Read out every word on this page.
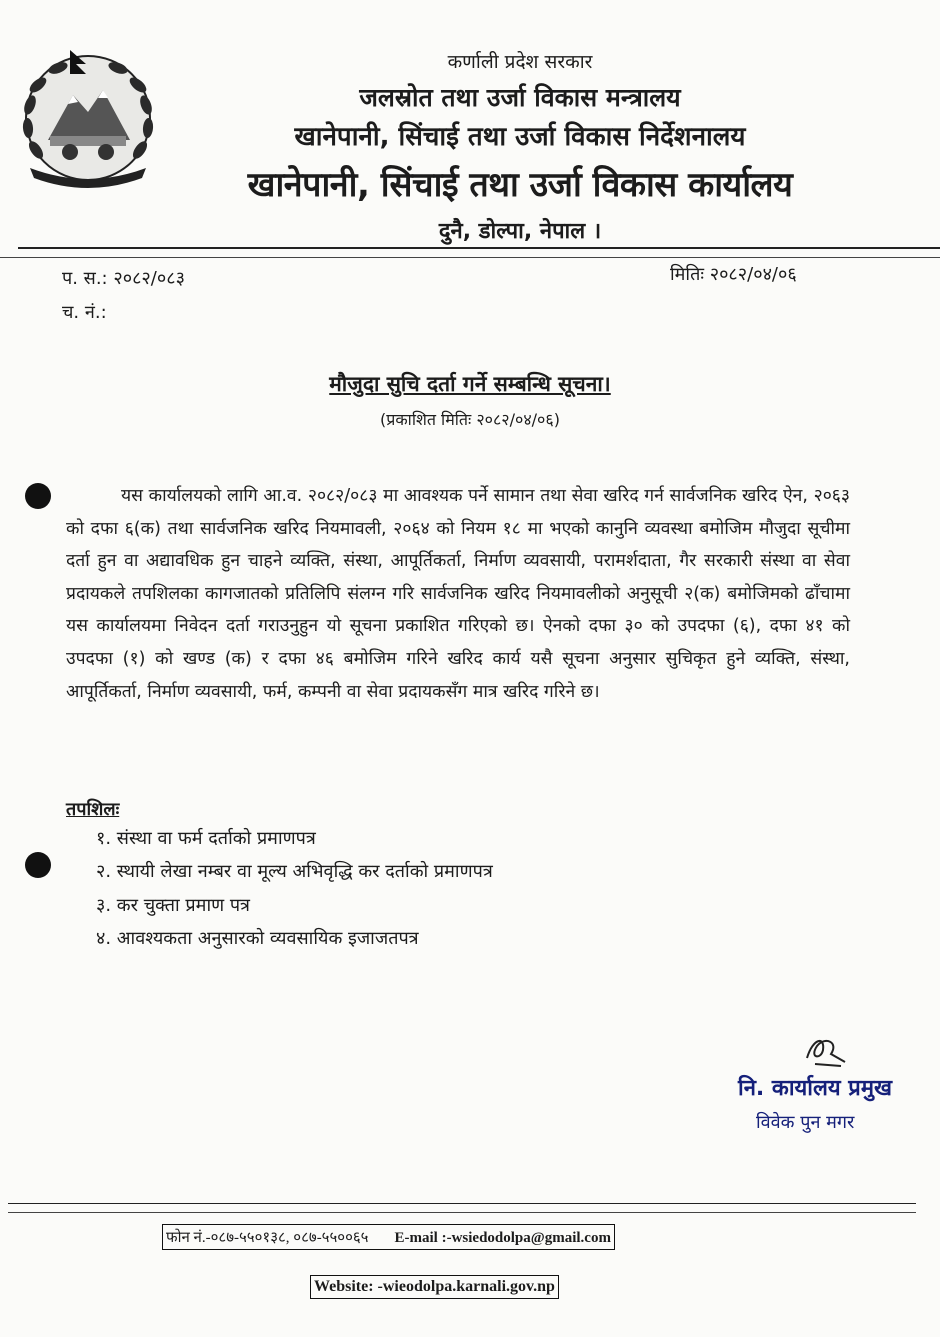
कर्णाली प्रदेश सरकार
जलस्रोत तथा उर्जा विकास मन्त्रालय
खानेपानी, सिंचाई तथा उर्जा विकास निर्देशनालय
खानेपानी, सिंचाई तथा उर्जा विकास कार्यालय
दुनै, डोल्पा, नेपाल ।
प. स.: २०८२/०८३
च. नं.:
मितिः २०८२/०४/०६
मौजुदा सुचि दर्ता गर्ने सम्बन्धि सूचना।
(प्रकाशित मितिः २०८२/०४/०६)
यस कार्यालयको लागि आ.व. २०८२/०८३ मा आवश्यक पर्ने सामान तथा सेवा खरिद गर्न सार्वजनिक खरिद ऐन, २०६३ को दफा ६(क) तथा सार्वजनिक खरिद नियमावली, २०६४ को नियम १८ मा भएको कानुनि व्यवस्था बमोजिम मौजुदा सूचीमा दर्ता हुन वा अद्यावधिक हुन चाहने व्यक्ति, संस्था, आपूर्तिकर्ता, निर्माण व्यवसायी, परामर्शदाता, गैर सरकारी संस्था वा सेवा प्रदायकले तपशिलका कागजातको प्रतिलिपि संलग्न गरि सार्वजनिक खरिद नियमावलीको अनुसूची २(क) बमोजिमको ढाँचामा यस कार्यालयमा निवेदन दर्ता गराउनुहुन यो सूचना प्रकाशित गरिएको छ। ऐनको दफा ३० को उपदफा (६), दफा ४१ को उपदफा (१) को खण्ड (क) र दफा ४६ बमोजिम गरिने खरिद कार्य यसै सूचना अनुसार सुचिकृत हुने व्यक्ति, संस्था, आपूर्तिकर्ता, निर्माण व्यवसायी, फर्म, कम्पनी वा सेवा प्रदायकसँग मात्र खरिद गरिने छ।
तपशिलः
१. संस्था वा फर्म दर्ताको प्रमाणपत्र
२. स्थायी लेखा नम्बर वा मूल्य अभिवृद्धि कर दर्ताको प्रमाणपत्र
३. कर चुक्ता प्रमाण पत्र
४. आवश्यकता अनुसारको व्यवसायिक इजाजतपत्र
नि. कार्यालय प्रमुख
विवेक पुन मगर
फोन नं.-०८७-५५०१३८, ०८७-५५००६५ E-mail :-wsiedodolpa@gmail.com
Website: -wieodolpa.karnali.gov.np
